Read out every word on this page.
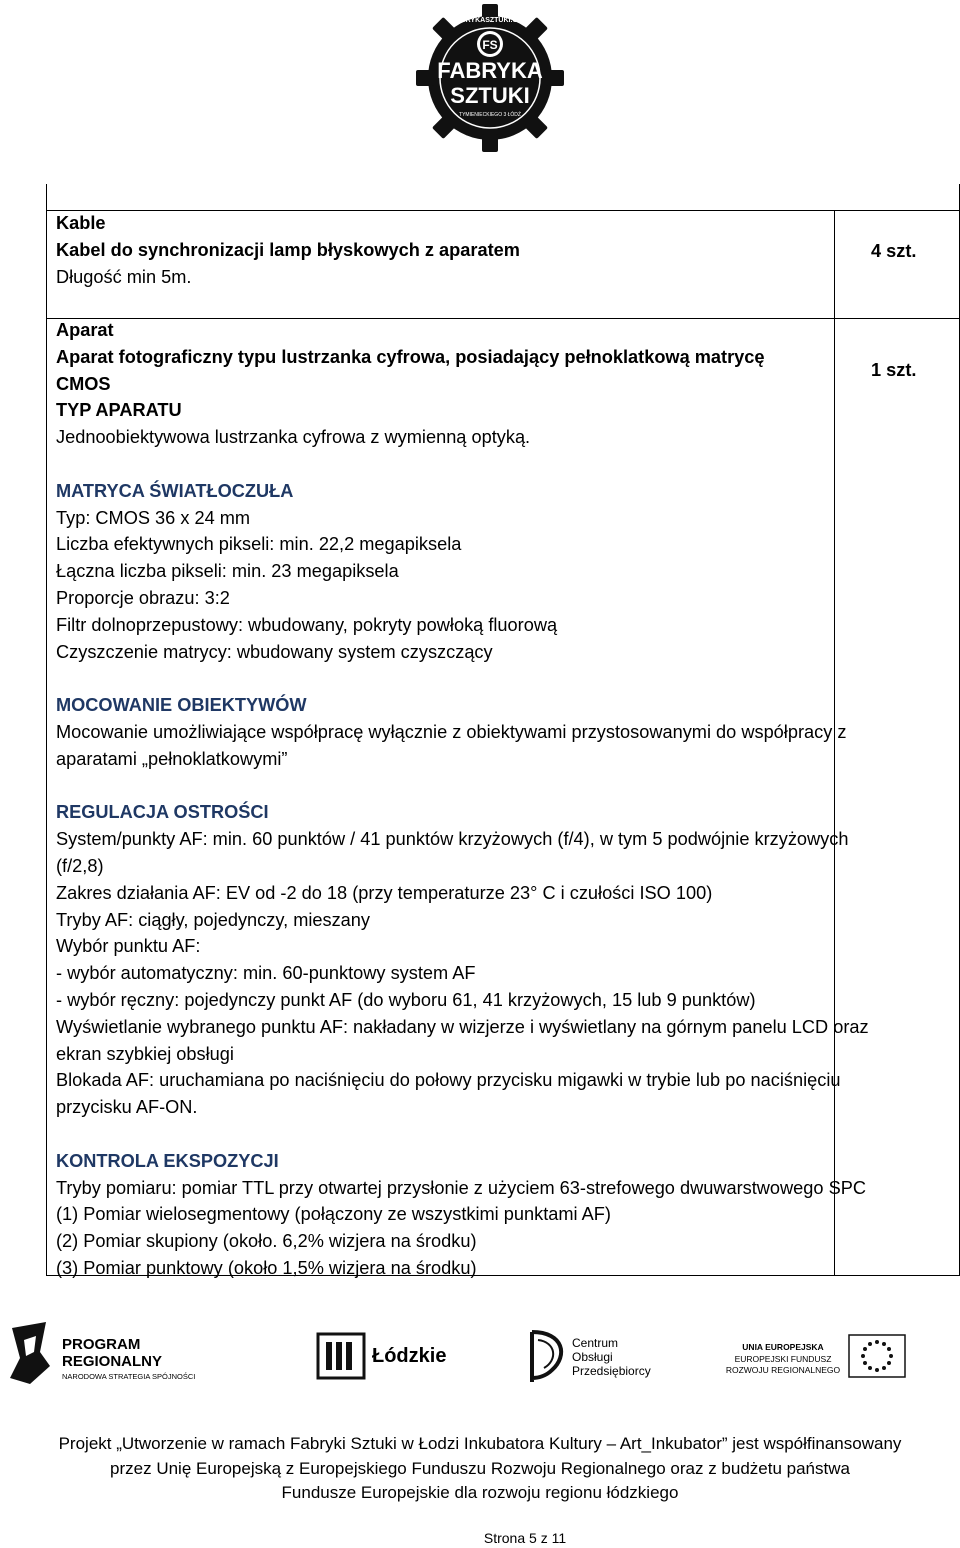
FABRYKASZTUKI.ORG
FS
FABRYKA
SZTUKI
TYMIENIECKIEGO 3 ŁÓDŹ
Kable
Kabel do synchronizacji lamp błyskowych z aparatem
Długość min 5m.
4 szt.
Aparat
Aparat fotograficzny typu lustrzanka cyfrowa, posiadający pełnoklatkową matrycę
CMOS
TYP APARATU
Jednoobiektywowa lustrzanka cyfrowa z wymienną optyką.
MATRYCA ŚWIATŁOCZUŁA
Typ: CMOS 36 x 24 mm
Liczba efektywnych pikseli: min. 22,2 megapiksela
Łączna liczba pikseli: min. 23 megapiksela
Proporcje obrazu: 3:2
Filtr dolnoprzepustowy: wbudowany, pokryty powłoką fluorową
Czyszczenie matrycy: wbudowany system czyszczący
MOCOWANIE OBIEKTYWÓW
Mocowanie umożliwiające współpracę wyłącznie z obiektywami przystosowanymi do współpracy z
aparatami „pełnoklatkowymi”
REGULACJA OSTROŚCI
System/punkty AF: min. 60 punktów / 41 punktów krzyżowych (f/4), w tym 5 podwójnie krzyżowych
(f/2,8)
Zakres działania AF: EV od -2 do 18 (przy temperaturze 23° C i czułości ISO 100)
Tryby AF: ciągły, pojedynczy, mieszany
Wybór punktu AF:
- wybór automatyczny: min. 60-punktowy system AF
- wybór ręczny: pojedynczy punkt AF (do wyboru 61, 41 krzyżowych, 15 lub 9 punktów)
Wyświetlanie wybranego punktu AF: nakładany w wizjerze i wyświetlany na górnym panelu LCD oraz
ekran szybkiej obsługi
Blokada AF: uruchamiana po naciśnięciu do połowy przycisku migawki w trybie lub po naciśnięciu
przycisku AF-ON.
KONTROLA EKSPOZYCJI
Tryby pomiaru: pomiar TTL przy otwartej przysłonie z użyciem 63-strefowego dwuwarstwowego SPC
(1) Pomiar wielosegmentowy (połączony ze wszystkimi punktami AF)
(2) Pomiar skupiony (około. 6,2% wizjera na środku)
(3) Pomiar punktowy (około 1,5% wizjera na środku)
1 szt.
PROGRAM
REGIONALNY
NARODOWA STRATEGIA SPÓJNOŚCI
Łódzkie
Centrum
Obsługi
Przedsiębiorcy
UNIA EUROPEJSKA
EUROPEJSKI FUNDUSZ
ROZWOJU REGIONALNEGO
Projekt „Utworzenie w ramach Fabryki Sztuki w Łodzi Inkubatora Kultury – Art_Inkubator” jest współfinansowany
przez Unię Europejską z Europejskiego Funduszu Rozwoju Regionalnego oraz z budżetu państwa
Fundusze Europejskie dla rozwoju regionu łódzkiego
Strona 5 z 11
